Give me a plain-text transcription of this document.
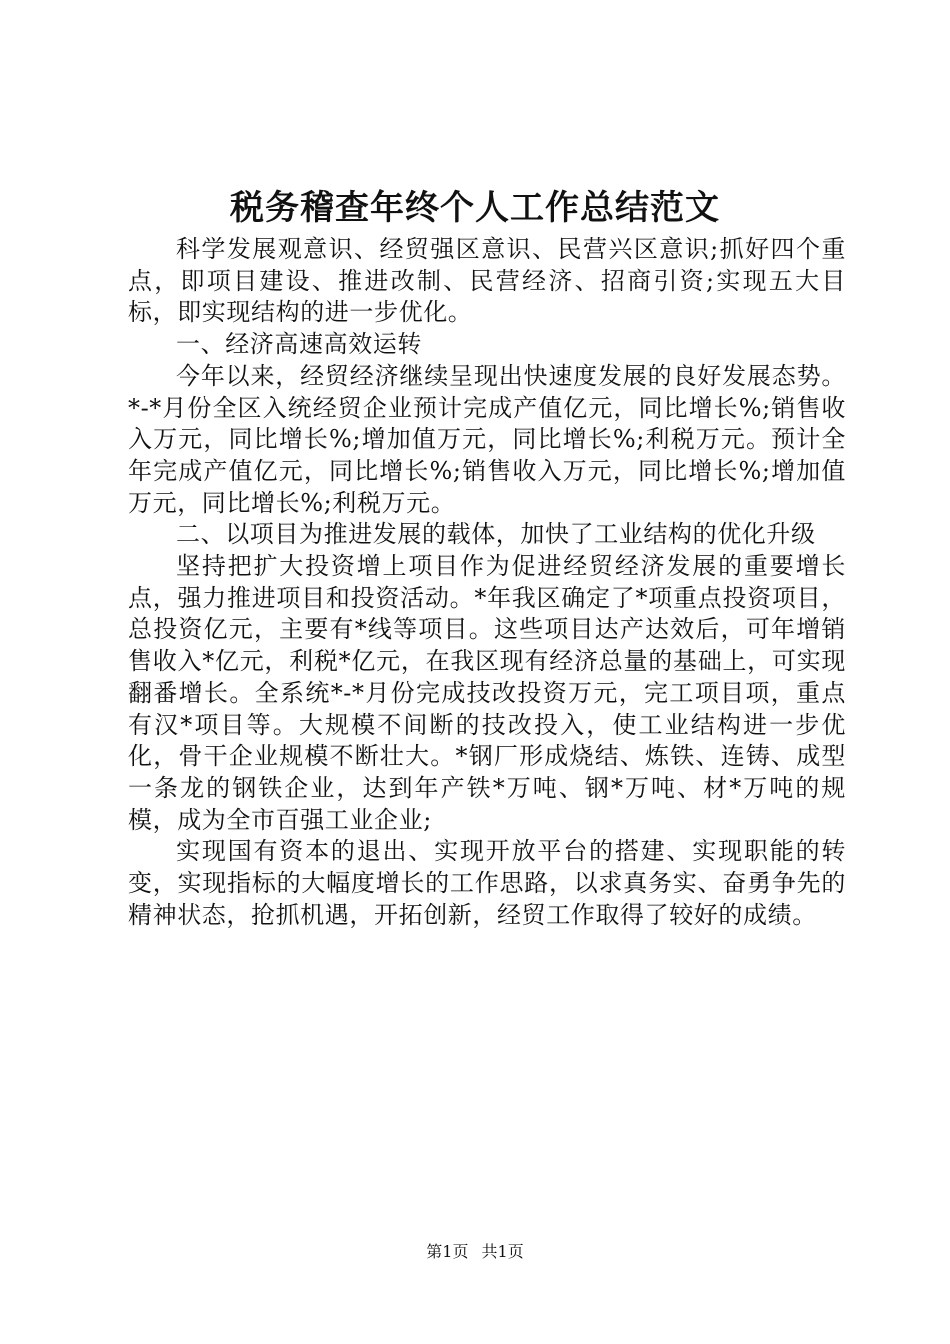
税务稽查年终个人工作总结范文

科学发展观意识、经贸强区意识、民营兴区意识;抓好四个重点，即项目建设、推进改制、民营经济、招商引资;实现五大目标，即实现结构的进一步优化。

一、经济高速高效运转

今年以来，经贸经济继续呈现出快速度发展的良好发展态势。*-*月份全区入统经贸企业预计完成产值亿元，同比增长%;销售收入万元，同比增长%;增加值万元，同比增长%;利税万元。预计全年完成产值亿元，同比增长%;销售收入万元，同比增长%;增加值万元，同比增长%;利税万元。

二、以项目为推进发展的载体，加快了工业结构的优化升级

坚持把扩大投资增上项目作为促进经贸经济发展的重要增长点，强力推进项目和投资活动。*年我区确定了*项重点投资项目，总投资亿元，主要有*线等项目。这些项目达产达效后，可年增销售收入*亿元，利税*亿元，在我区现有经济总量的基础上，可实现翻番增长。全系统*-*月份完成技改投资万元，完工项目项，重点有汉*项目等。大规模不间断的技改投入，使工业结构进一步优化，骨干企业规模不断壮大。*钢厂形成烧结、炼铁、连铸、成型一条龙的钢铁企业，达到年产铁*万吨、钢*万吨、材*万吨的规模，成为全市百强工业企业;

实现国有资本的退出、实现开放平台的搭建、实现职能的转变，实现指标的大幅度增长的工作思路，以求真务实、奋勇争先的精神状态，抢抓机遇，开拓创新，经贸工作取得了较好的成绩。

第1页 共1页
